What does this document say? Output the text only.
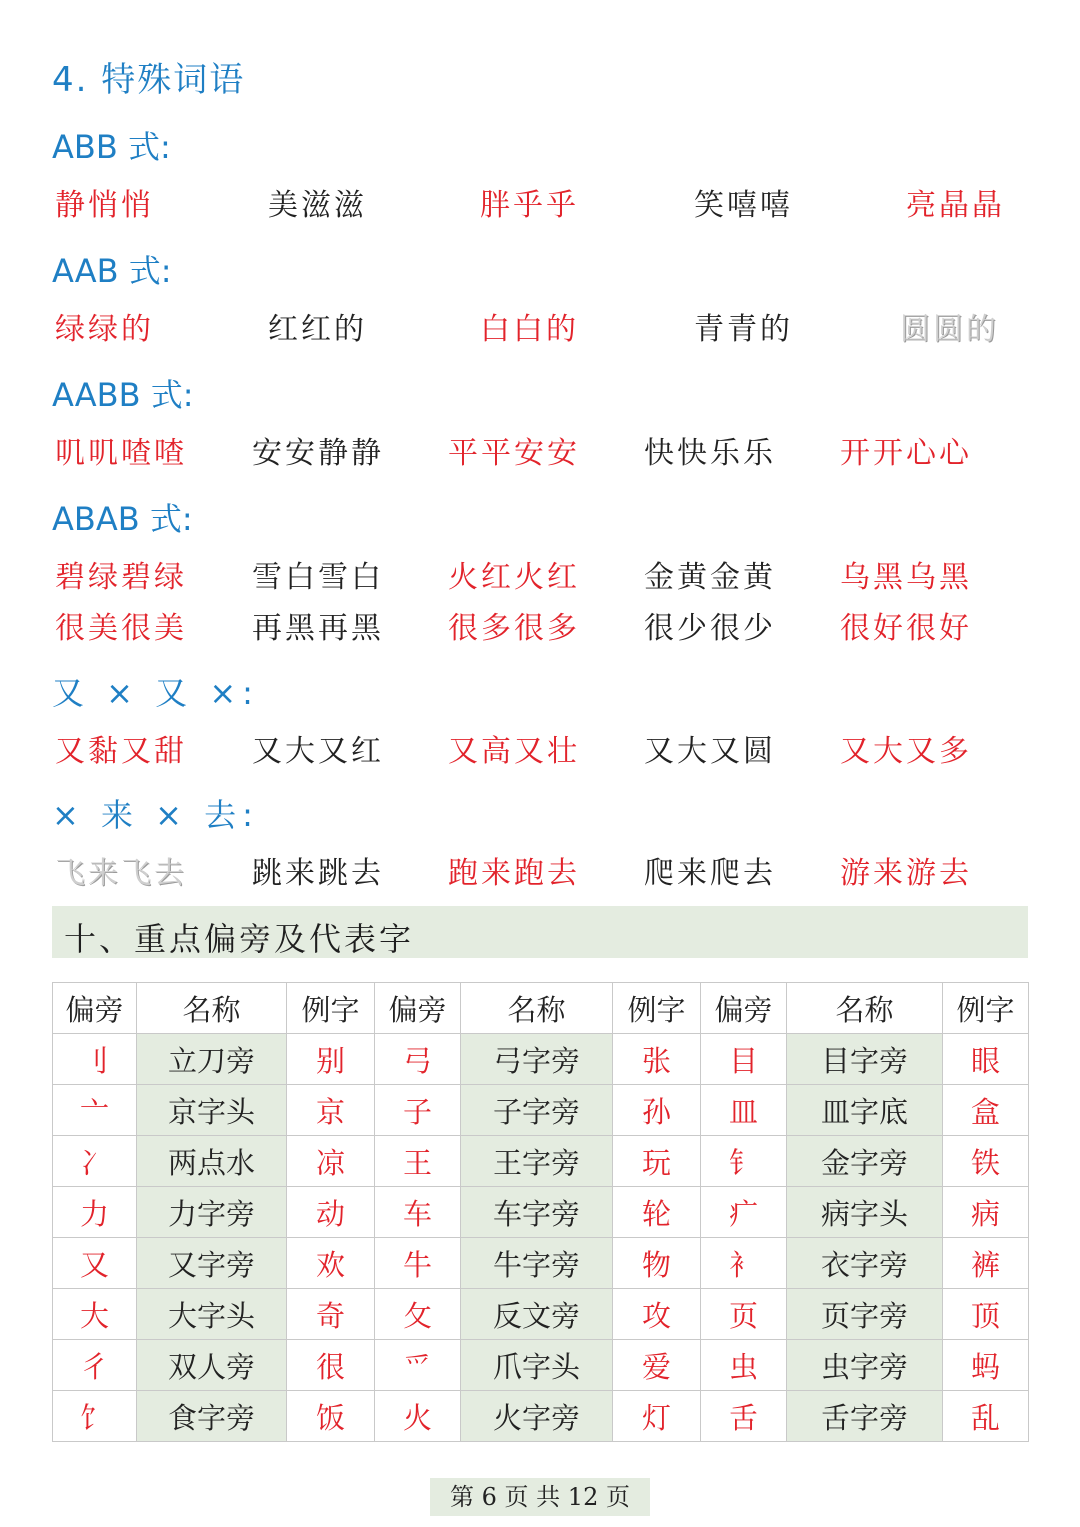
4. 特殊词语
ABB 式:
静悄悄	美滋滋	胖乎乎	笑嘻嘻	亮晶晶
AAB 式:
绿绿的	红红的	白白的	青青的	圆圆的
AABB 式:
叽叽喳喳 安安静静 平平安安 快快乐乐 开开心心
ABAB 式:
碧绿碧绿 雪白雪白 火红火红 金黄金黄 乌黑乌黑
很美很美 再黑再黑 很多很多 很少很少 很好很好
又 × 又 ×:
又黏又甜 又大又红 又高又壮 又大又圆 又大又多
× 来 × 去:
飞来飞去 跳来跳去 跑来跑去 爬来爬去 游来游去
十、重点偏旁及代表字
偏旁	名称	例字	偏旁	名称	例字	偏旁	名称	例字
刂	立刀旁	别	弓	弓字旁	张	目	目字旁	眼
亠	京字头	京	子	子字旁	孙	皿	皿字底	盒
冫	两点水	凉	王	王字旁	玩	钅	金字旁	铁
力	力字旁	动	车	车字旁	轮	疒	病字头	病
又	又字旁	欢	牛	牛字旁	物	衤	衣字旁	裤
大	大字头	奇	攵	反文旁	攻	页	页字旁	顶
彳	双人旁	很	爫	爪字头	爱	虫	虫字旁	蚂
饣	食字旁	饭	火	火字旁	灯	舌	舌字旁	乱
第 6 页 共 12 页
